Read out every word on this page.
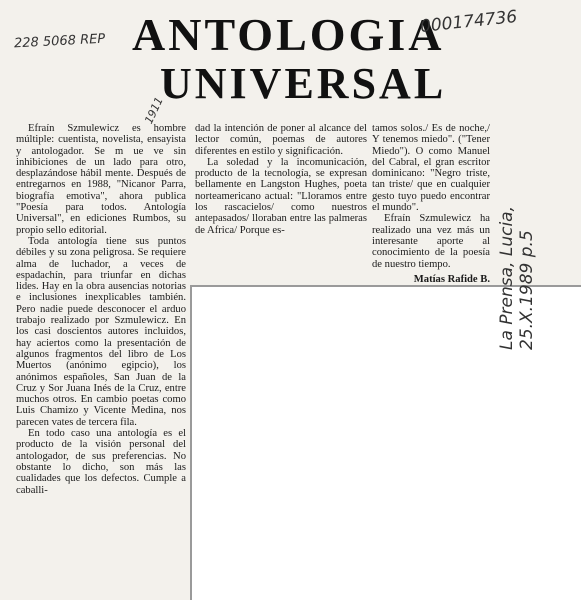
ANTOLOGIA
UNIVERSAL
228 5068 REP
000174736
1911
La Prensa, Lucia, 25.X.1989 p.5

Efraín Szmulewicz es hombre múltiple: cuentista, novelista, ensayista y antologador. Se m ue ve sin inhibiciones de un lado para otro, desplazándose hábil mente. Después de entregarnos en 1988, "Nicanor Parra, biografía emotiva", ahora publica "Poesía para todos. Antología Universal", en ediciones Rumbos, su propio sello editorial.

Toda antología tiene sus puntos débiles y su zona peligrosa. Se requiere alma de luchador, a veces de espadachín, para triunfar en dichas lides. Hay en la obra ausencias notorias e inclusiones inexplicables también. Pero nadie puede desconocer el arduo trabajo realizado por Szmulewicz. En los casi doscientos autores incluidos, hay aciertos como la presentación de algunos fragmentos del libro de Los Muertos (anónimo egipcio), los anónimos españoles, San Juan de la Cruz y Sor Juana Inés de la Cruz, entre muchos otros. En cambio poetas como Luis Chamizo y Vicente Medina, nos parecen vates de tercera fila.

En todo caso una antología es el producto de la visión personal del antologador, de sus preferencias. No obstante lo dicho, son más las cualidades que los defectos. Cumple a caballi-

dad la intención de poner al alcance del lector común, poemas de autores diferentes en estilo y significación.

La soledad y la incomunicación, producto de la tecnología, se expresan bellamente en Langston Hughes, poeta norteamericano actual: "Lloramos entre los rascacielos/ como nuestros antepasados/ lloraban entre las palmeras de Africa/ Porque es-

tamos solos./ Es de noche,/ Y tenemos miedo". ("Tener Miedo"). O como Manuel del Cabral, el gran escritor dominicano: "Negro triste, tan triste/ que en cualquier gesto tuyo puedo encontrar el mundo".

Efraín Szmulewicz ha realizado una vez más un interesante aporte al conocimiento de la poesía de nuestro tiempo.

Matías Rafide B.
